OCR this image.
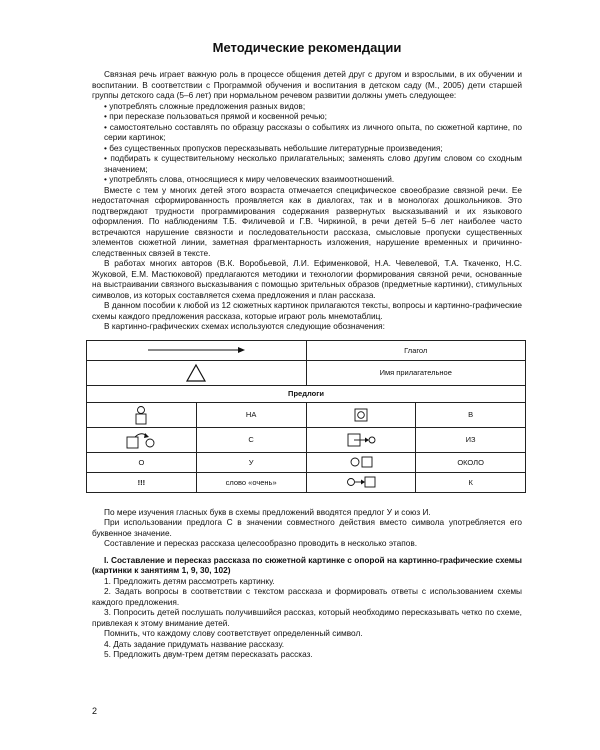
Методические рекомендации

Связная речь играет важную роль в процессе общения детей друг с другом и взрослыми, в их обучении и воспитании. В соответствии с Программой обучения и воспитания в детском саду (М., 2005) дети старшей группы детского сада (5–6 лет) при нормальном речевом развитии должны уметь следующее:

• употреблять сложные предложения разных видов;

• при пересказе пользоваться прямой и косвенной речью;

• самостоятельно составлять по образцу рассказы о событиях из личного опыта, по сюжетной картине, по серии картинок;

• без существенных пропусков пересказывать небольшие литературные произведения;

• подбирать к существительному несколько прилагательных; заменять слово другим словом со сходным значением;

• употреблять слова, относящиеся к миру человеческих взаимоотношений.

Вместе с тем у многих детей этого возраста отмечается специфическое своеобразие связной речи. Ее недостаточная сформированность проявляется как в диалогах, так и в монологах дошкольников. Это подтверждают трудности программирования содержания развернутых высказываний и их языкового оформления. По наблюдениям Т.Б. Филичевой и Г.В. Чиркиной, в речи детей 5–6 лет наиболее часто встречаются нарушение связности и последовательности рассказа, смысловые пропуски существенных элементов сюжетной линии, заметная фрагментарность изложения, нарушение временных и причинно-следственных связей в тексте.

В работах многих авторов (В.К. Воробьевой, Л.И. Ефименковой, Н.А. Чевелевой, Т.А. Ткаченко, Н.С. Жуковой, Е.М. Мастюковой) предлагаются методики и технологии формирования связной речи, основанные на выстраивании связного высказывания с помощью зрительных образов (предметные картинки), стимульных символов, из которых составляется схема предложения и план рассказа.

В данном пособии к любой из 12 сюжетных картинок прилагаются тексты, вопросы и картинно-графические схемы каждого предложения рассказа, которые играют роль мнемотаблиц.

В картинно-графических схемах используются следующие обозначения:

	Глагол	

	Имя прилагательное	
Предлоги			

	НА		В

	С		ИЗ
O	У		ОКОЛО
!!!	слово «очень»		К

По мере изучения гласных букв в схемы предложений вводятся предлог У и союз И.

При использовании предлога С в значении совместного действия вместо символа употребляется его буквенное значение.

Составление и пересказ рассказа целесообразно проводить в несколько этапов.

I. Составление и пересказ рассказа по сюжетной картинке с опорой на картинно-графические схемы (картинки к занятиям 1, 9, 30, 102)

1. Предложить детям рассмотреть картинку.

2. Задать вопросы в соответствии с текстом рассказа и формировать ответы с использованием схемы каждого предложения.

3. Попросить детей послушать получившийся рассказ, который необходимо пересказывать четко по схеме, привлекая к этому внимание детей.

Помнить, что каждому слову соответствует определенный символ.

4. Дать задание придумать название рассказу.

5. Предложить двум-трем детям пересказать рассказ.

2
